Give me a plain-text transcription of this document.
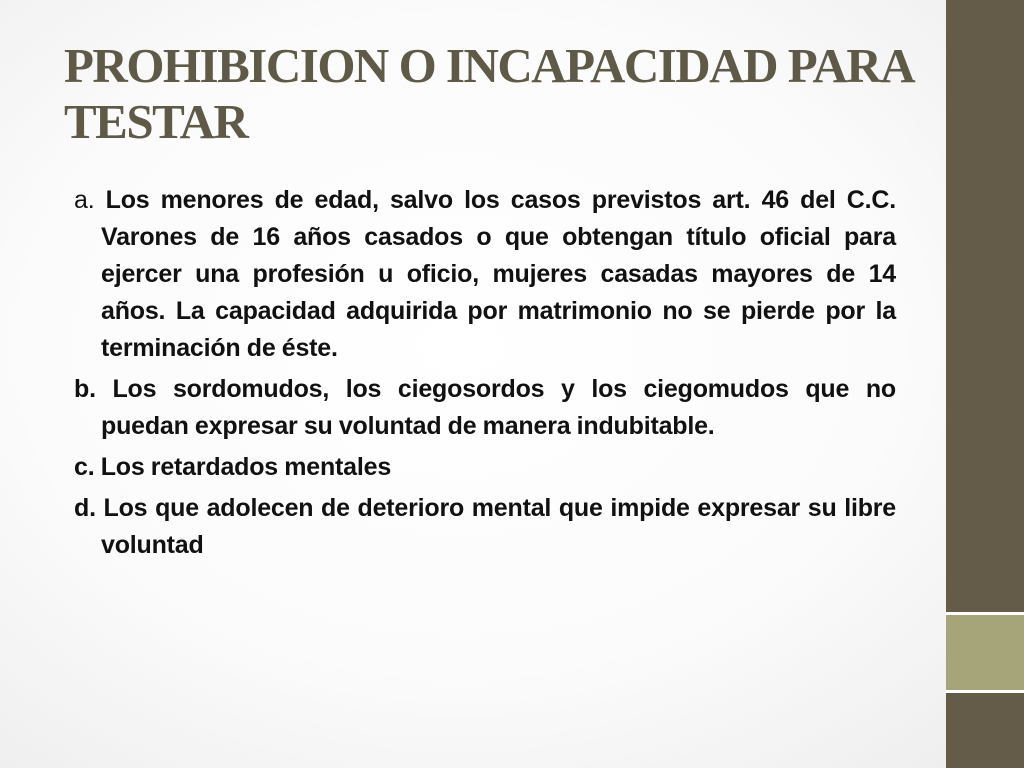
PROHIBICION O INCAPACIDAD PARA TESTAR
a. Los menores de edad, salvo los casos previstos art. 46 del C.C. Varones de 16 años casados o que obtengan título oficial para ejercer una profesión u oficio, mujeres casadas mayores de 14 años. La capacidad adquirida por matrimonio no se pierde por la terminación de éste.
b. Los sordomudos, los ciegosordos y los ciegomudos que no puedan expresar su voluntad de manera indubitable.
c. Los retardados mentales
d. Los que adolecen de deterioro mental que impide expresar su libre voluntad
